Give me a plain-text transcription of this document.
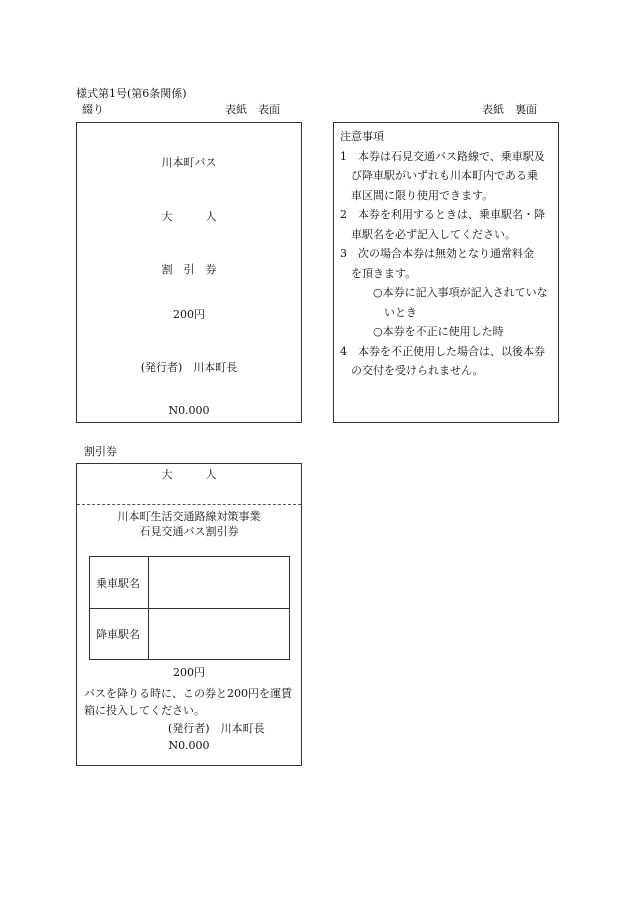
様式第1号(第6条関係)
綴り	表紙　表面	表紙　裏面
川本町バス
大　　　人
割　引　券
200円
(発行者)　川本町長
N0.000
注意事項
1　本券は石見交通バス路線で、乗車駅及
　び降車駅がいずれも川本町内である乗
　車区間に限り使用できます。
2　本券を利用するときは、乗車駅名・降
　車駅名を必ず記入してください。
3　次の場合本券は無効となり通常料金
　を頂きます。
　　　○本券に記入事項が記入されていな
　　　　いとき
　　　○本券を不正に使用した時
4　本券を不正使用した場合は、以後本券
　の交付を受けられません。
割引券
大　　　人
川本町生活交通路線対策事業
石見交通バス割引券
乗車駅名
降車駅名
200円
バスを降りる時に、この券と200円を運賃
箱に投入してください。
(発行者)　川本町長
N0.000
